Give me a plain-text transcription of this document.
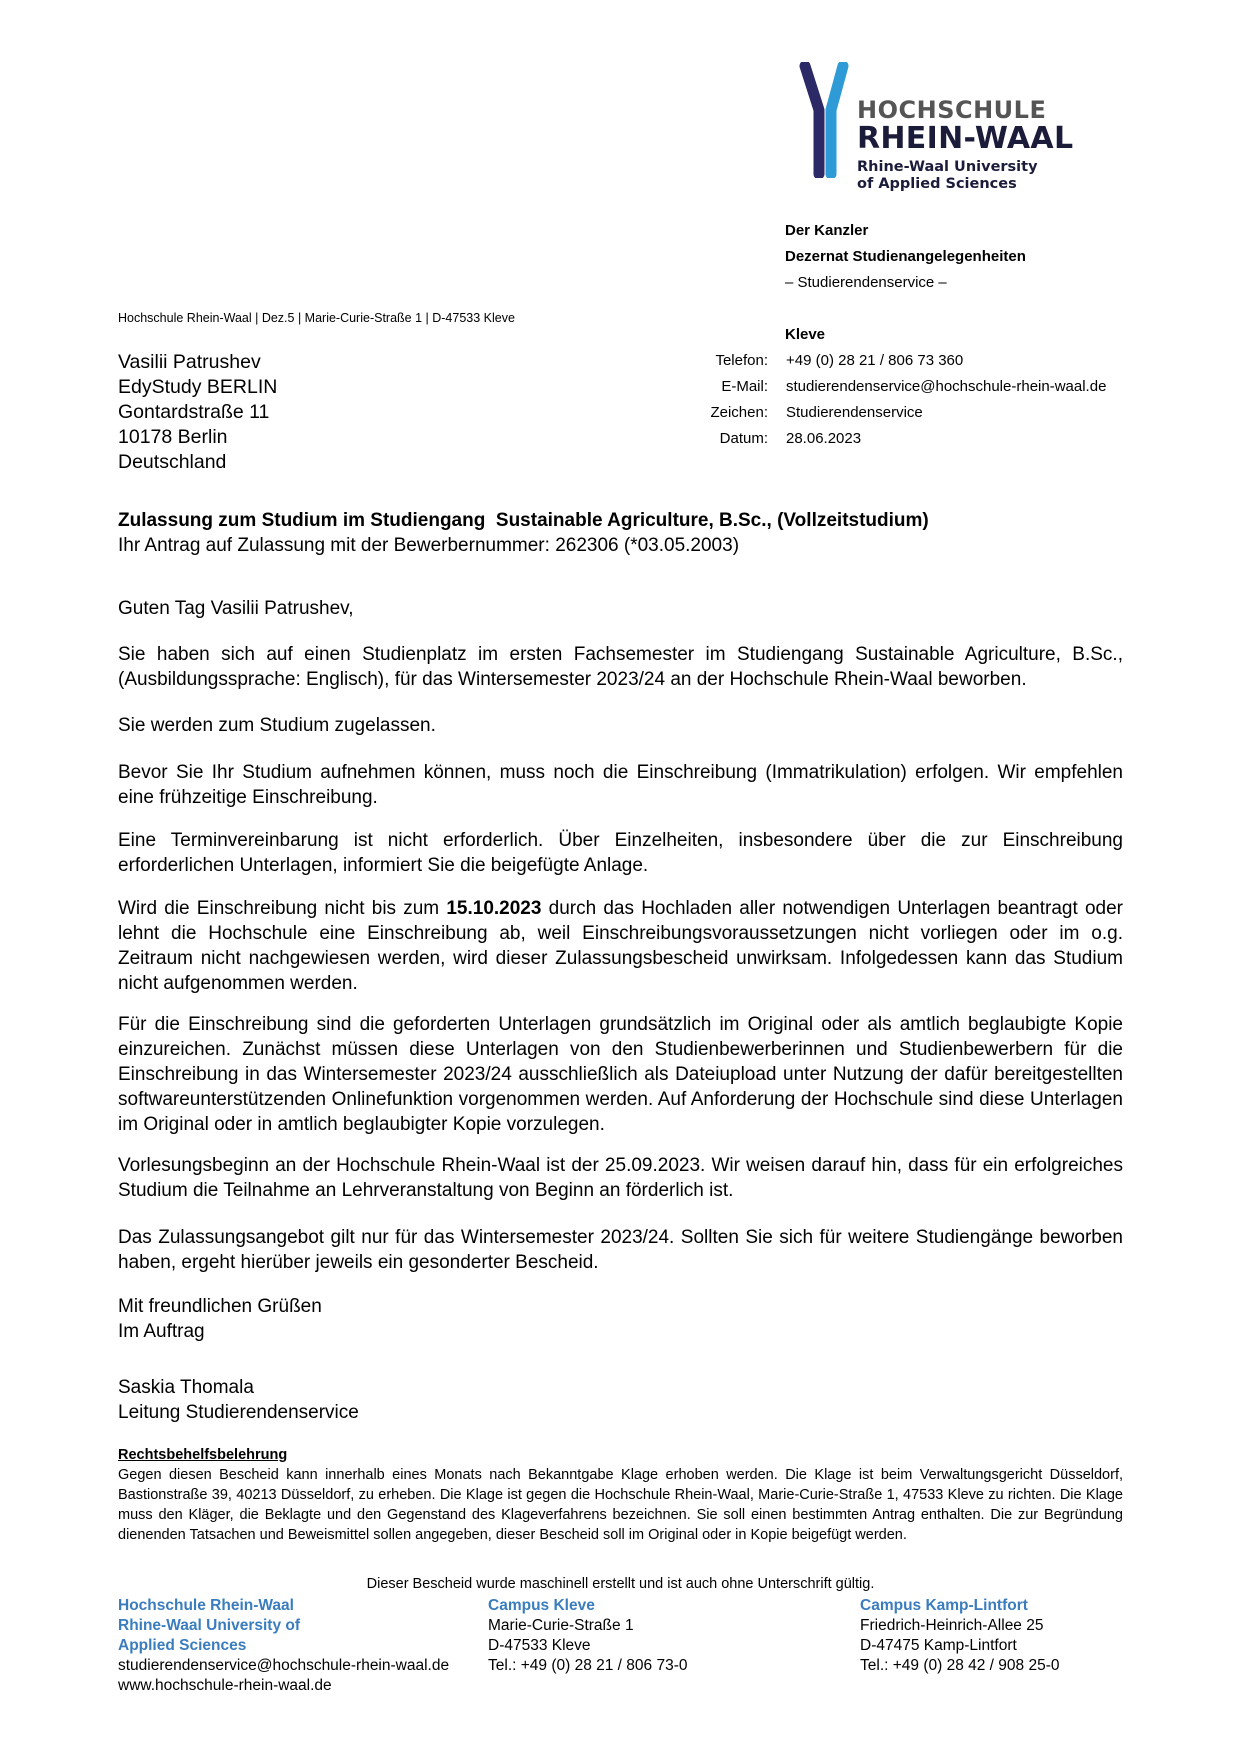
HOCHSCHULE
RHEIN-WAAL
Rhine-Waal University
of Applied Sciences
Der Kanzler
Dezernat Studienangelegenheiten
– Studierendenservice –

Kleve
Telefon:
E-Mail:
Zeichen:
Datum:
+49 (0) 28 21 / 806 73 360
studierendenservice@hochschule-rhein-waal.de
Studierendenservice
28.06.2023
Hochschule Rhein-Waal | Dez.5 | Marie-Curie-Straße 1 | D-47533 Kleve
Vasilii Patrushev
EdyStudy BERLIN
Gontardstraße 11
10178 Berlin
Deutschland
Zulassung zum Studium im Studiengang  Sustainable Agriculture, B.Sc., (Vollzeitstudium)
Ihr Antrag auf Zulassung mit der Bewerbernummer: 262306 (*03.05.2003)
Guten Tag Vasilii Patrushev,
Sie haben sich auf einen Studienplatz im ersten Fachsemester im Studiengang Sustainable Agriculture, B.Sc., (Ausbildungssprache: Englisch), für das Wintersemester 2023/24 an der Hochschule Rhein-Waal beworben.
Sie werden zum Studium zugelassen.
Bevor Sie Ihr Studium aufnehmen können, muss noch die Einschreibung (Immatrikulation) erfolgen. Wir empfehlen eine frühzeitige Einschreibung.
Eine Terminvereinbarung ist nicht erforderlich. Über Einzelheiten, insbesondere über die zur Einschreibung erforderlichen Unterlagen, informiert Sie die beigefügte Anlage.
Wird die Einschreibung nicht bis zum 15.10.2023 durch das Hochladen aller notwendigen Unterlagen beantragt oder lehnt die Hochschule eine Einschreibung ab, weil Einschreibungsvoraussetzungen nicht vorliegen oder im o.g. Zeitraum nicht nachgewiesen werden, wird dieser Zulassungsbescheid unwirksam. Infolgedessen kann das Studium nicht aufgenommen werden.
Für die Einschreibung sind die geforderten Unterlagen grundsätzlich im Original oder als amtlich beglaubigte Kopie einzureichen. Zunächst müssen diese Unterlagen von den Studienbewerberinnen und Studienbewerbern für die Einschreibung in das Wintersemester 2023/24 ausschließlich als Dateiupload unter Nutzung der dafür bereitgestellten softwareunterstützenden Onlinefunktion vorgenommen werden. Auf Anforderung der Hochschule sind diese Unterlagen im Original oder in amtlich beglaubigter Kopie vorzulegen.
Vorlesungsbeginn an der Hochschule Rhein-Waal ist der 25.09.2023. Wir weisen darauf hin, dass für ein erfolgreiches Studium die Teilnahme an Lehrveranstaltung von Beginn an förderlich ist.
Das Zulassungsangebot gilt nur für das Wintersemester 2023/24. Sollten Sie sich für weitere Studiengänge beworben haben, ergeht hierüber jeweils ein gesonderter Bescheid.
Mit freundlichen Grüßen
Im Auftrag
Saskia Thomala
Leitung Studierendenservice
Rechtsbehelfsbelehrung
Gegen diesen Bescheid kann innerhalb eines Monats nach Bekanntgabe Klage erhoben werden. Die Klage ist beim Verwaltungsgericht Düsseldorf, Bastionstraße 39, 40213 Düsseldorf, zu erheben. Die Klage ist gegen die Hochschule Rhein-Waal, Marie-Curie-Straße 1, 47533 Kleve zu richten. Die Klage muss den Kläger, die Beklagte und den Gegenstand des Klageverfahrens bezeichnen. Sie soll einen bestimmten Antrag enthalten. Die zur Begründung dienenden Tatsachen und Beweismittel sollen angegeben, dieser Bescheid soll im Original oder in Kopie beigefügt werden.
Dieser Bescheid wurde maschinell erstellt und ist auch ohne Unterschrift gültig.
Hochschule Rhein-Waal
Rhine-Waal University of
Applied Sciences
studierendenservice@hochschule-rhein-waal.de
www.hochschule-rhein-waal.de
Campus Kleve
Marie-Curie-Straße 1
D-47533 Kleve
Tel.: +49 (0) 28 21 / 806 73-0
Campus Kamp-Lintfort
Friedrich-Heinrich-Allee 25
D-47475 Kamp-Lintfort
Tel.: +49 (0) 28 42 / 908 25-0
